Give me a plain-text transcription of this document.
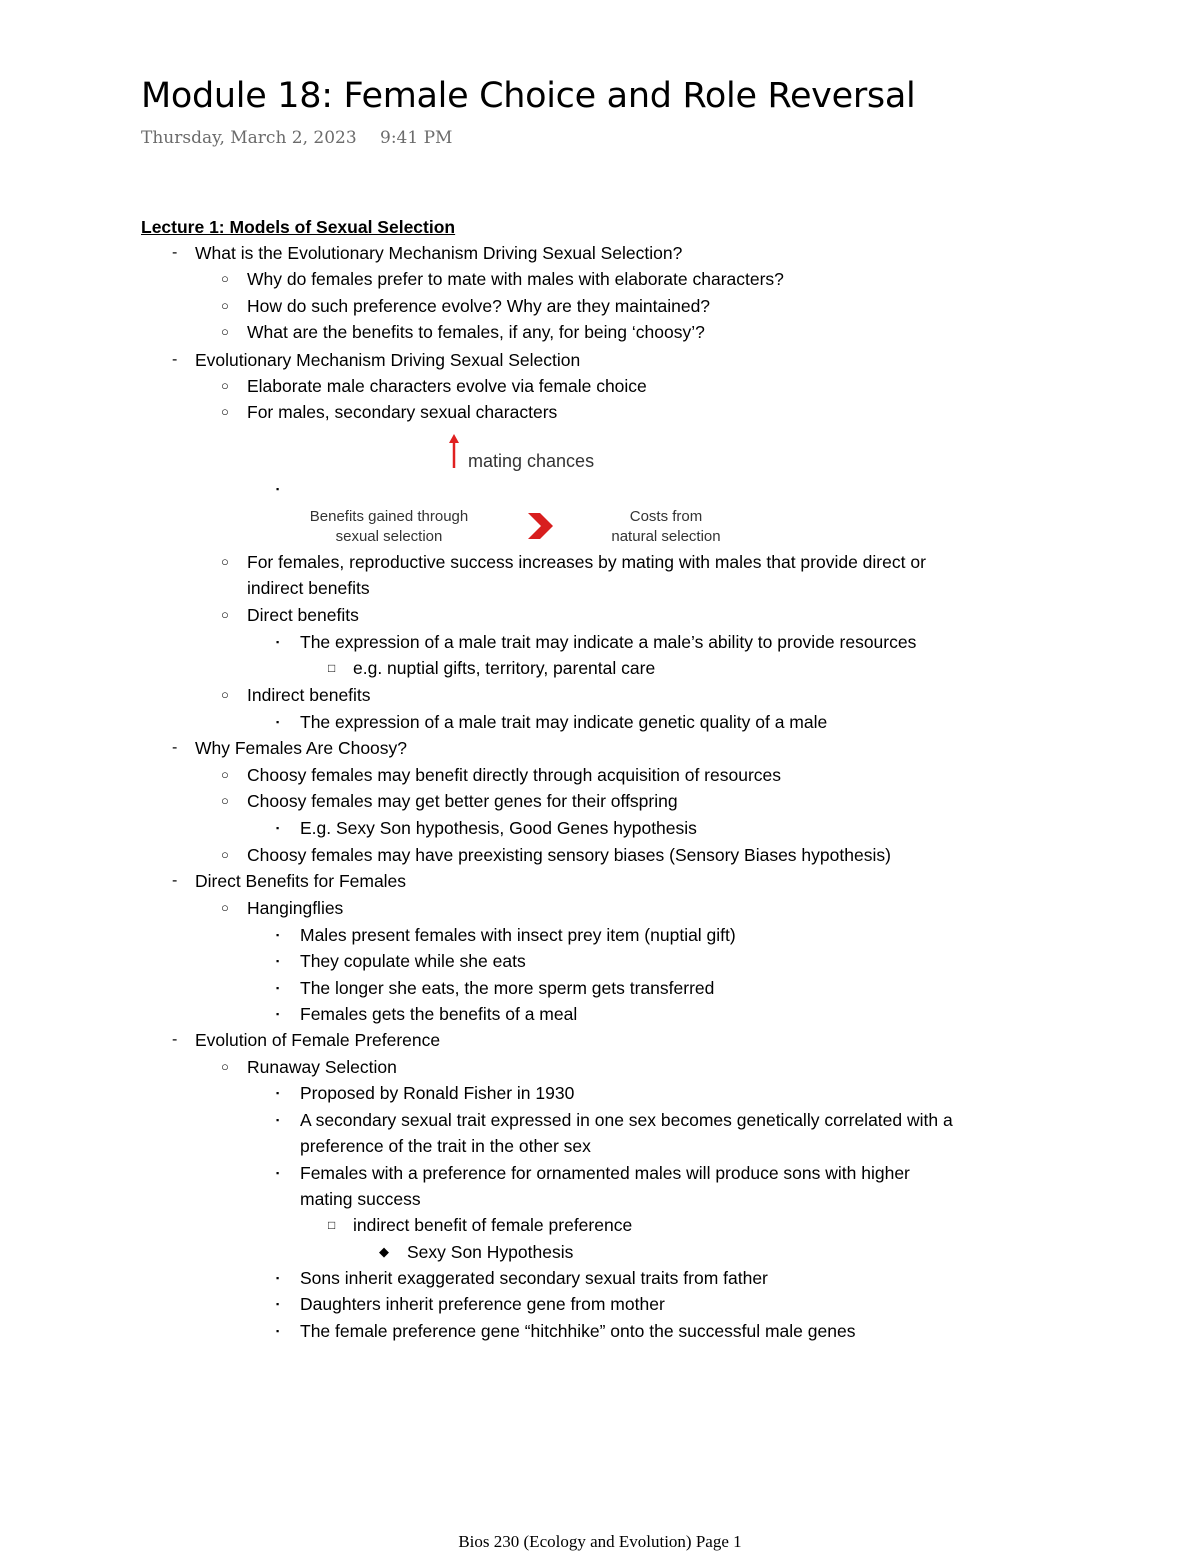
Module 18: Female Choice and Role Reversal
Thursday, March 2, 2023 9:41 PM
Lecture 1: Models of Sexual Selection
- What is the Evolutionary Mechanism Driving Sexual Selection?
○ Why do females prefer to mate with males with elaborate characters?
○ How do such preference evolve? Why are they maintained?
○ What are the benefits to females, if any, for being ‘choosy’?
- Evolutionary Mechanism Driving Sexual Selection
○ Elaborate male characters evolve via female choice
○ For males, secondary sexual characters
▪
○ For females, reproductive success increases by mating with males that provide direct or
indirect benefits
○ Direct benefits
▪ The expression of a male trait may indicate a male’s ability to provide resources
□ e.g. nuptial gifts, territory, parental care
○ Indirect benefits
▪ The expression of a male trait may indicate genetic quality of a male
- Why Females Are Choosy?
○ Choosy females may benefit directly through acquisition of resources
○ Choosy females may get better genes for their offspring
▪ E.g. Sexy Son hypothesis, Good Genes hypothesis
○ Choosy females may have preexisting sensory biases (Sensory Biases hypothesis)
- Direct Benefits for Females
○ Hangingflies
▪ Males present females with insect prey item (nuptial gift)
▪ They copulate while she eats
▪ The longer she eats, the more sperm gets transferred
▪ Females gets the benefits of a meal
- Evolution of Female Preference
○ Runaway Selection
▪ Proposed by Ronald Fisher in 1930
▪ A secondary sexual trait expressed in one sex becomes genetically correlated with a
preference of the trait in the other sex
▪ Females with a preference for ornamented males will produce sons with higher
mating success
□ indirect benefit of female preference
◆ Sexy Son Hypothesis
▪ Sons inherit exaggerated secondary sexual traits from father
▪ Daughters inherit preference gene from mother
▪ The female preference gene “hitchhike” onto the successful male genes
mating chances
Benefits gained through
sexual selection
Costs from
natural selection
Bios 230 (Ecology and Evolution) Page 1
